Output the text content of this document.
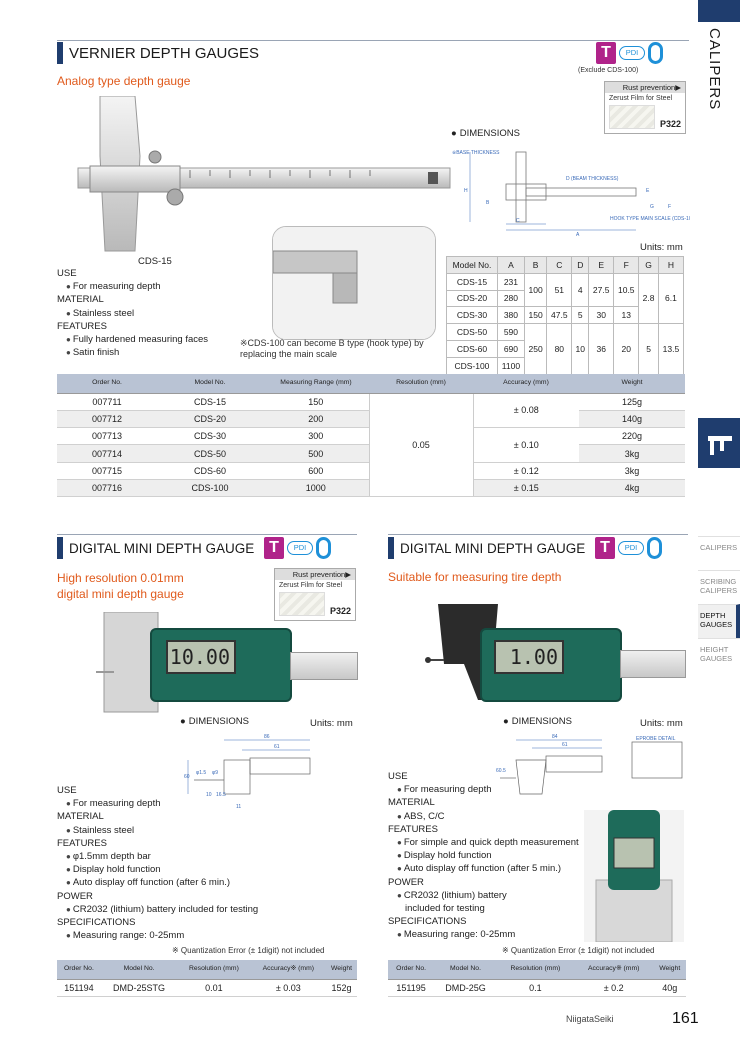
CALIPERS
CALIPERS
SCRIBING CALIPERS
DEPTH GAUGES
HEIGHT GAUGES
VERNIER DEPTH GAUGES
Analog type depth gauge
T	PDI
(Exclude CDS-100)
Rust prevention▶
Zerust Film for Steel
P322
CDS-15
※CDS-100 can become B type (hook type) by replacing the main scale
USE
● For measuring depth
MATERIAL
● Stainless steel
FEATURES
● Fully hardened measuring faces
● Satin finish
● DIMENSIONS
※BASE THICKNESS
D (BEAM THICKNESS)
HOOK TYPE MAIN SCALE (CDS-100)
C
A
B
H	E
G	F
Units: mm
Model No.	A	B	C	D	E	F	G	H
CDS-15	231	100	51	4	27.5	10.5	2.8	6.1
CDS-20	280							
CDS-30	380	150	47.5	5	30	13		
CDS-50	590	250	80	10	36	20	5	13.5
CDS-60	690							
CDS-100	1100							
Order No.	Model No.	Measuring Range (mm)	Resolution (mm)	Accuracy (mm)	Weight
007711	CDS-15	150	0.05	± 0.08	125g
007712	CDS-20	200			140g
007713	CDS-30	300		± 0.10	220g
007714	CDS-50	500			3kg
007715	CDS-60	600		± 0.12	3kg
007716	CDS-100	1000		± 0.15	4kg
DIGITAL MINI DEPTH GAUGE T	PDI
High resolution 0.01mm
digital mini depth gauge
Rust prevention▶
Zerust Film for Steel
P322
10.00
● DIMENSIONS	Units: mm
86
61
60
φ1.5 φ9
10 16.5
11
USE
● For measuring depth
MATERIAL
● Stainless steel
FEATURES
● φ1.5mm depth bar
● Display hold function
● Auto display off function (after 6 min.)
POWER
● CR2032 (lithium) battery included for testing
SPECIFICATIONS
● Measuring range: 0-25mm
※ Quantization Error (± 1digit) not included
Order No.	Model No.	Resolution (mm)	Accuracy※ (mm)	Weight
151194	DMD-25STG	0.01	± 0.03	152g
DIGITAL MINI DEPTH GAUGE T	PDI
Suitable for measuring tire depth
1.00
● DIMENSIONS	Units: mm
84
61
60.5
EPROBE DETAIL
USE
● For measuring depth
MATERIAL
● ABS, C/C
FEATURES
● For simple and quick depth measurement
● Display hold function
● Auto display off function (after 5 min.)
POWER
● CR2032 (lithium) battery
included for testing
SPECIFICATIONS
● Measuring range: 0-25mm
※ Quantization Error (± 1digit) not included
Order No.	Model No.	Resolution (mm)	Accuracy※ (mm)	Weight
151195	DMD-25G	0.1	± 0.2	40g
NiigataSeiki	161
